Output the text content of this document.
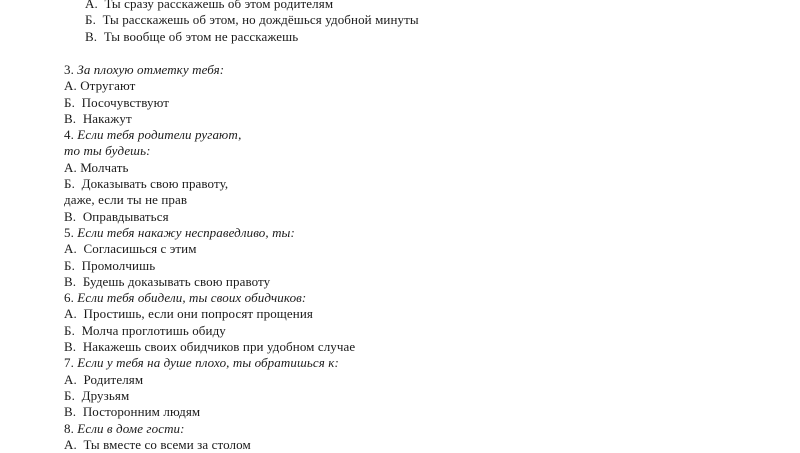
А.  Ты сразу расскажешь об этом родителям
Б.  Ты расскажешь об этом, но дождёшься удобной минуты
В.  Ты вообще об этом не расскажешь
3. За плохую отметку тебя:
А. Отругают
Б.  Посочувствуют
В.  Накажут
4. Если тебя родители ругают,
то ты будешь:
А. Молчать
Б.  Доказывать свою правоту,
даже, если ты не прав
В.  Оправдываться
5. Если тебя накажу несправедливо, ты:
А.  Согласишься с этим
Б.  Промолчишь
В.  Будешь доказывать свою правоту
6. Если тебя обидели, ты своих обидчиков:
А.  Простишь, если они попросят прощения
Б.  Молча проглотишь обиду
В.  Накажешь своих обидчиков при удобном случае
7. Если у тебя на душе плохо, ты обратишься к:
А.  Родителям
Б.  Друзьям
В.  Посторонним людям
8. Если в доме гости:
А.  Ты вместе со всеми за столом
